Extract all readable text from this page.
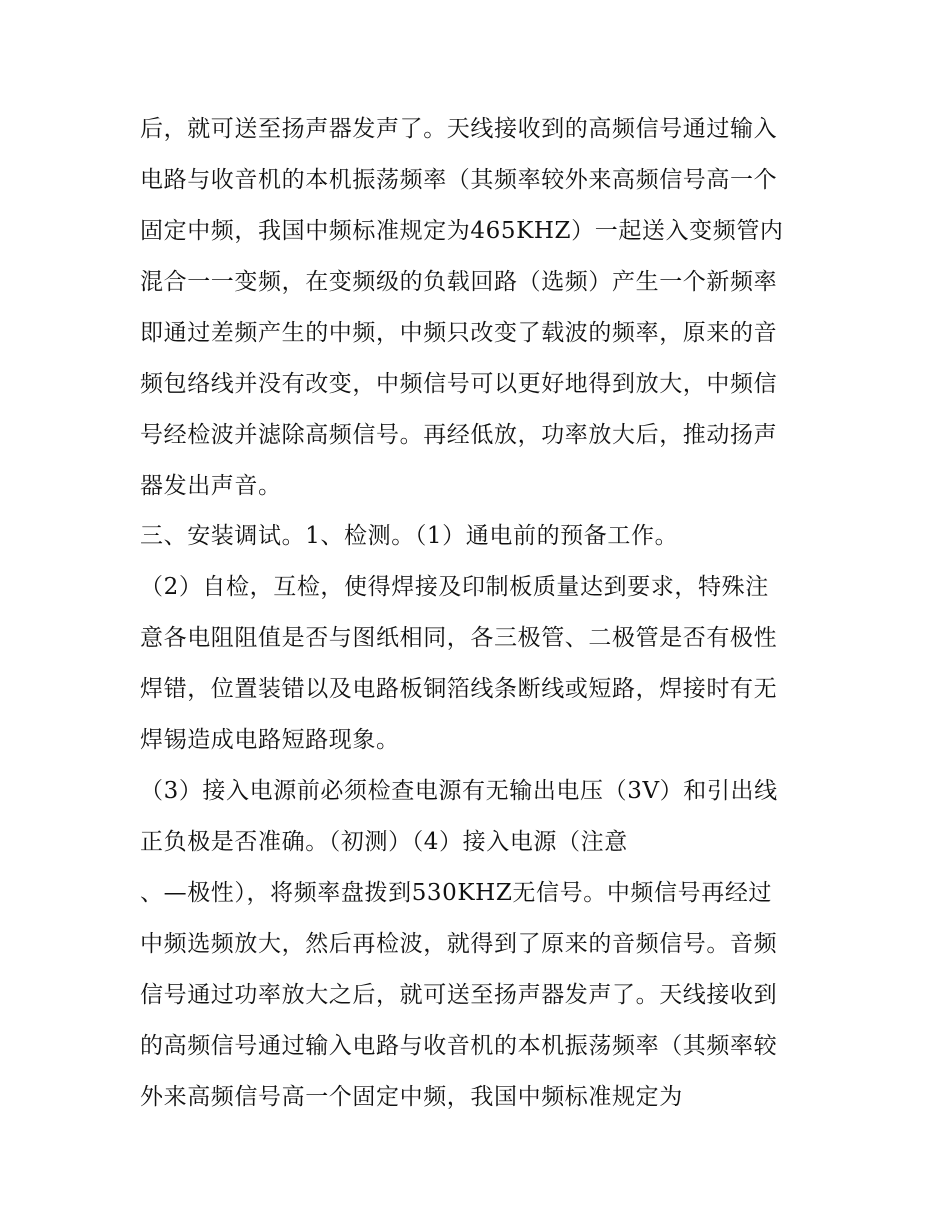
后，就可送至扬声器发声了。天线接收到的高频信号通过输入
电路与收音机的本机振荡频率（其频率较外来高频信号高一个
固定中频，我国中频标准规定为465KHZ）一起送入变频管内
混合一一变频，在变频级的负载回路（选频）产生一个新频率
即通过差频产生的中频，中频只改变了载波的频率，原来的音
频包络线并没有改变，中频信号可以更好地得到放大，中频信
号经检波并滤除高频信号。再经低放，功率放大后，推动扬声
器发出声音。
三、安装调试。1、检测。（1）通电前的预备工作。
（2）自检，互检，使得焊接及印制板质量达到要求，特殊注
意各电阻阻值是否与图纸相同，各三极管、二极管是否有极性
焊错，位置装错以及电路板铜箔线条断线或短路，焊接时有无
焊锡造成电路短路现象。
（3）接入电源前必须检查电源有无输出电压（3V）和引出线
正负极是否准确。（初测）（4）接入电源（注意
、—极性），将频率盘拨到530KHZ无信号。中频信号再经过
中频选频放大，然后再检波，就得到了原来的音频信号。音频
信号通过功率放大之后，就可送至扬声器发声了。天线接收到
的高频信号通过输入电路与收音机的本机振荡频率（其频率较
外来高频信号高一个固定中频，我国中频标准规定为
